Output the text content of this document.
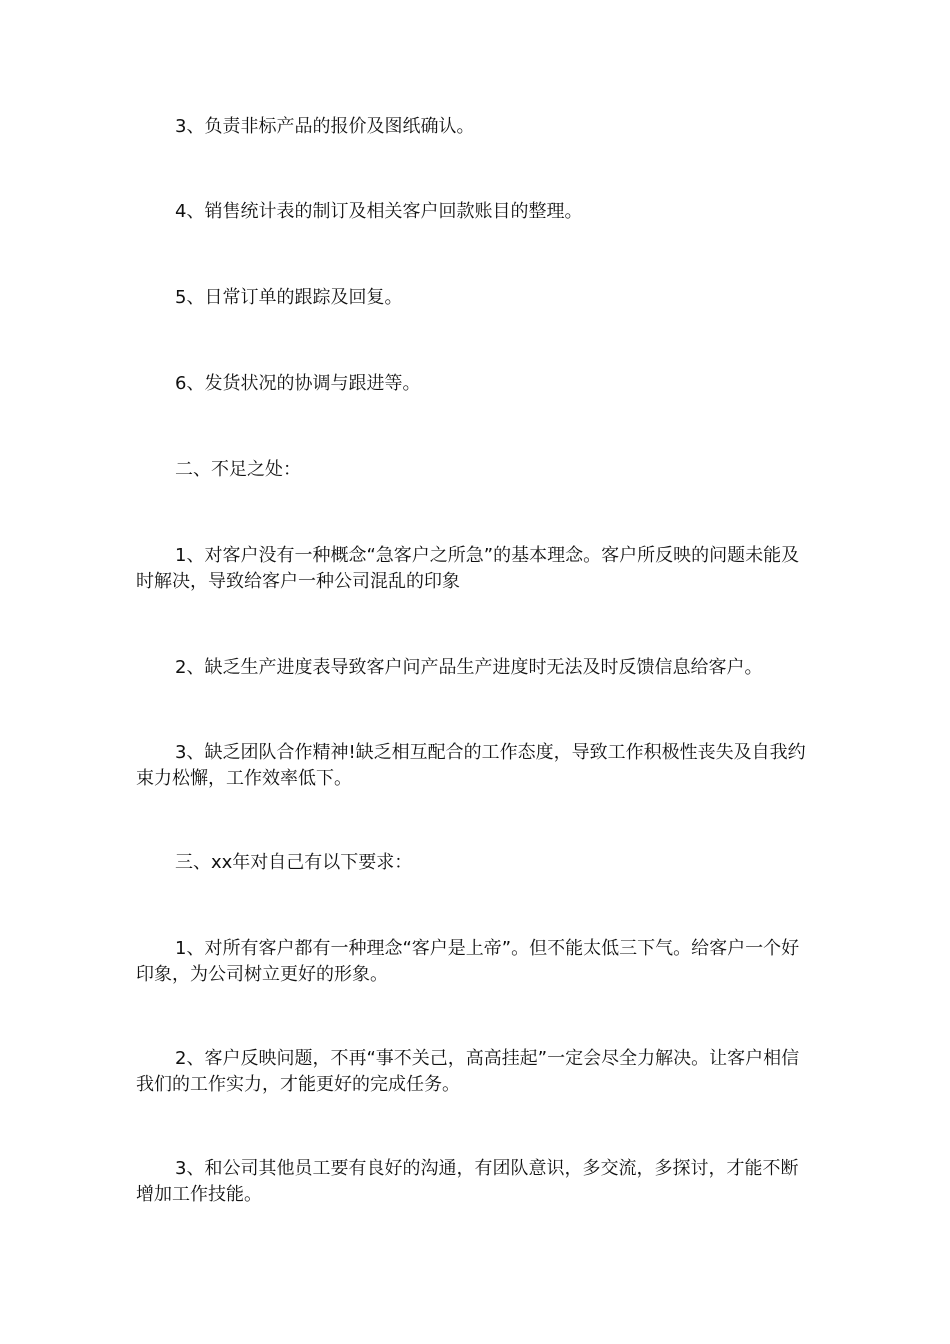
3、负责非标产品的报价及图纸确认。
4、销售统计表的制订及相关客户回款账目的整理。
5、日常订单的跟踪及回复。
6、发货状况的协调与跟进等。
二、不足之处：
1、对客户没有一种概念“急客户之所急”的基本理念。客户所反映的问题未能及时解决，导致给客户一种公司混乱的印象
2、缺乏生产进度表导致客户问产品生产进度时无法及时反馈信息给客户。
3、缺乏团队合作精神!缺乏相互配合的工作态度，导致工作积极性丧失及自我约束力松懈，工作效率低下。
三、xx年对自己有以下要求：
1、对所有客户都有一种理念“客户是上帝”。但不能太低三下气。给客户一个好印象，为公司树立更好的形象。
2、客户反映问题，不再“事不关己，高高挂起”一定会尽全力解决。让客户相信我们的工作实力，才能更好的完成任务。
3、和公司其他员工要有良好的沟通，有团队意识，多交流，多探讨，才能不断增加工作技能。
